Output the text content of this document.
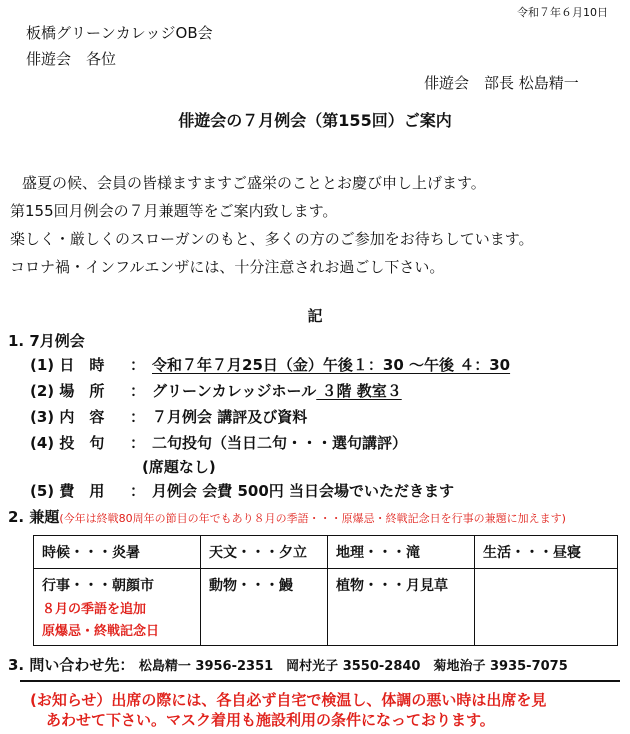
令和７年６月10日
板橋グリーンカレッジOB会
俳遊会　各位
俳遊会　部長 松島精一
俳遊会の７月例会（第155回）ご案内
盛夏の候、会員の皆様ますますご盛栄のこととお慶び申し上げます。
第155回月例会の７月兼題等をご案内致します。
楽しく・厳しくのスローガンのもと、多くの方のご参加をお待ちしています。
コロナ禍・インフルエンザには、十分注意されお過ごし下さい。
記
1. 7月例会
(1) 日　時 ： 令和７年７月25日（金）午後１：30 ～午後 ４：30
(2) 場　所 ： グリーンカレッジホール ３階 教室３
(3) 内　容 ： ７月例会 講評及び資料
(4) 投　句 ： 二句投句（当日二句・・・選句講評）
(席題なし)
(5) 費　用 ： 月例会 会費 500円 当日会場でいただきます
2. 兼題(今年は終戦80周年の節目の年でもあり８月の季語・・・原爆忌・終戦記念日を行事の兼題に加えます)
時候・・・炎暑	天文・・・夕立	地理・・・滝	生活・・・昼寝

行事・・・朝顔市
８月の季語を追加
原爆忌・終戦記念日	動物・・・鰻	植物・・・月見草	
3. 問い合わせ先： 松島精一 3956-2351　岡村光子 3550-2840　菊地治子 3935-7075
(お知らせ）出席の際には、各自必ず自宅で検温し、体調の悪い時は出席を見
あわせて下さい。マスク着用も施設利用の条件になっております。
